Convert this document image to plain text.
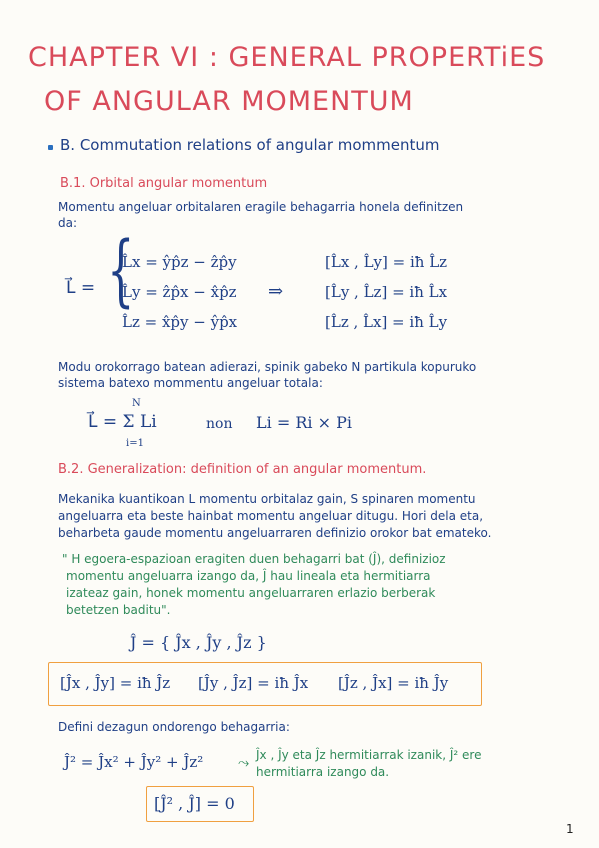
CHAPTER VI : GENERAL PROPERTiES
OF ANGULAR MOMENTUM
B. Commutation relations of angular mommentum
B.1. Orbital angular momentum
Momentu angeluar orbitalaren eragile behagarria honela definitzen
da:
L⃗ = {
L̂x = ŷp̂z − ẑp̂y
L̂y = ẑp̂x − x̂p̂z
L̂z = x̂p̂y − ŷp̂x
⇒
[L̂x , L̂y] = iħ L̂z
[L̂y , L̂z] = iħ L̂x
[L̂z , L̂x] = iħ L̂y
Modu orokorrago batean adierazi, spinik gabeko N partikula kopuruko
sistema batexo mommentu angeluar totala:
N
L⃗ = Σ Li
i=1
non Li = Ri × Pi
B.2. Generalization: definition of an angular momentum.
Mekanika kuantikoan L momentu orbitalaz gain, S spinaren momentu
angeluarra eta beste hainbat momentu angeluar ditugu. Hori dela eta,
beharbeta gaude momentu angeluarraren definizio orokor bat emateko.
" H egoera-espazioan eragiten duen behagarri bat (Ĵ), definizioz
momentu angeluarra izango da, Ĵ hau lineala eta hermitiarra
izateaz gain, honek momentu angeluarraren erlazio berberak
betetzen baditu".
Ĵ = { Ĵx , Ĵy , Ĵz }
[Ĵx , Ĵy] = iħ Ĵz [Ĵy , Ĵz] = iħ Ĵx [Ĵz , Ĵx] = iħ Ĵy
Defini dezagun ondorengo behagarria:
Ĵ² = Ĵx² + Ĵy² + Ĵz² ⤳ Ĵx , Ĵy eta Ĵz hermitiarrak izanik, Ĵ² ere
hermitiarra izango da.
[Ĵ² , Ĵ] = 0
1
